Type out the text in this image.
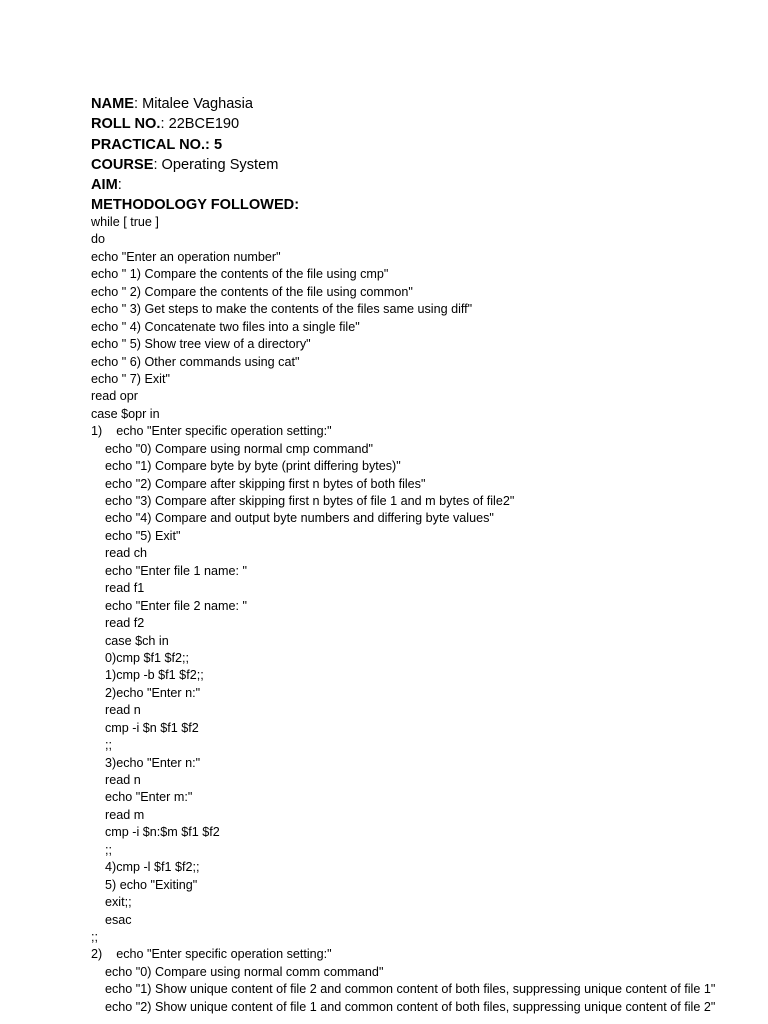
NAME: Mitalee Vaghasia
ROLL NO.: 22BCE190
PRACTICAL NO.: 5
COURSE: Operating System
AIM:
METHODOLOGY FOLLOWED:
while [ true ]
do
echo "Enter an operation number"
echo " 1) Compare the contents of the file using cmp"
echo " 2) Compare the contents of the file using common"
echo " 3) Get steps to make the contents of the files same using diff"
echo " 4) Concatenate two files into a single file"
echo " 5) Show tree view of a directory"
echo " 6) Other commands using cat"
echo " 7) Exit"
read opr
case $opr in
1)    echo "Enter specific operation setting:"
echo "0) Compare using normal cmp command"
echo "1) Compare byte by byte (print differing bytes)"
echo "2) Compare after skipping first n bytes of both files"
echo "3) Compare after skipping first n bytes of file 1 and m bytes of file2"
echo "4) Compare and output byte numbers and differing byte values"
echo "5) Exit"
read ch
echo "Enter file 1 name: "
read f1
echo "Enter file 2 name: "
read f2
case $ch in
0)cmp $f1 $f2;;
1)cmp -b $f1 $f2;;
2)echo "Enter n:"
read n
cmp -i $n $f1 $f2
;;
3)echo "Enter n:"
read n
echo "Enter m:"
read m
cmp -i $n:$m $f1 $f2
;;
4)cmp -l $f1 $f2;;
5) echo "Exiting"
exit;;
esac
;;
2)    echo "Enter specific operation setting:"
echo "0) Compare using normal comm command"
echo "1) Show unique content of file 2 and common content of both files, suppressing unique content of file 1"
echo "2) Show unique content of file 1 and common content of both files, suppressing unique content of file 2"
